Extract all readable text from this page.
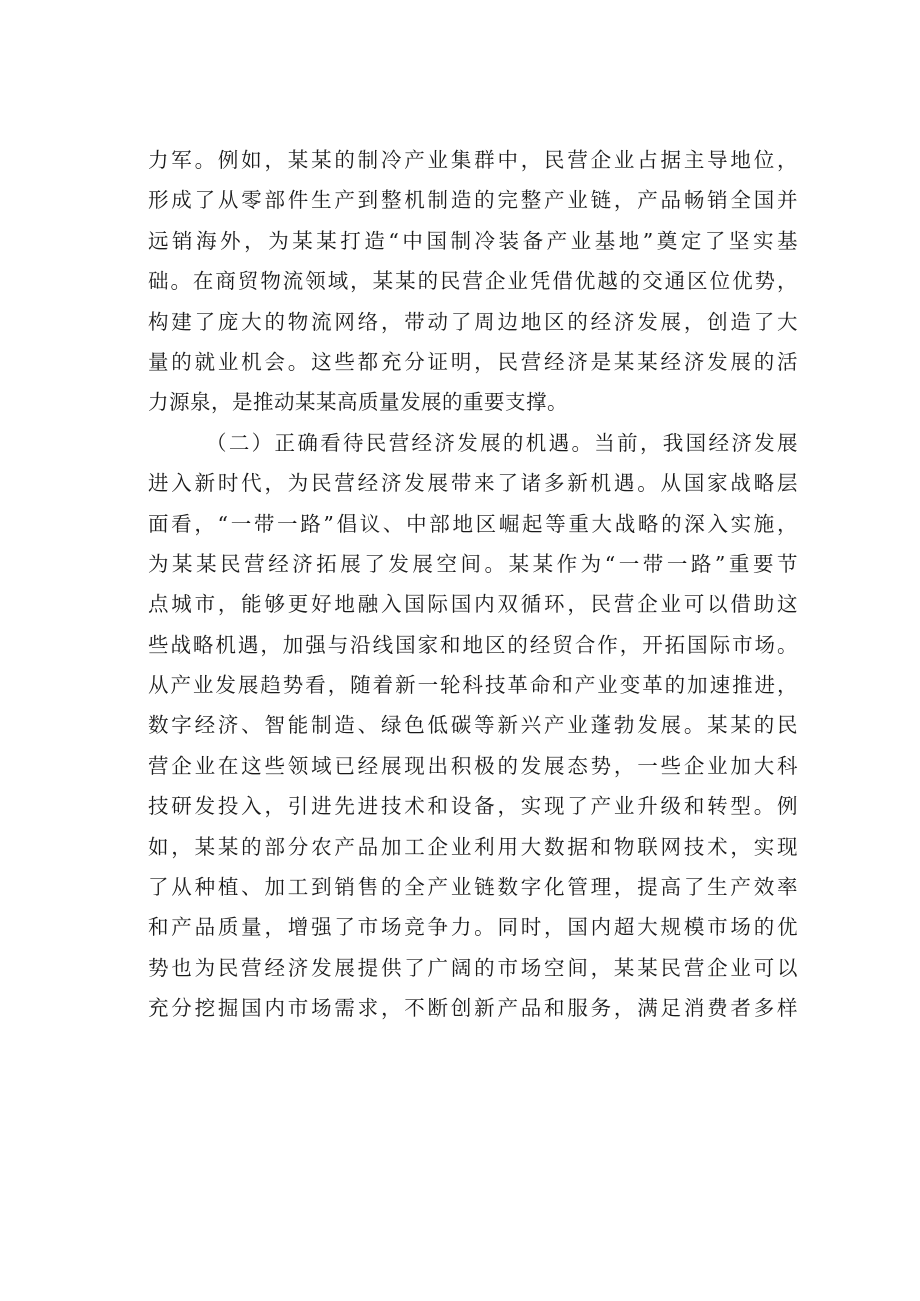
力军。例如，某某的制冷产业集群中，民营企业占据主导地位，
形成了从零部件生产到整机制造的完整产业链，产品畅销全国并
远销海外，为某某打造“中国制冷装备产业基地”奠定了坚实基
础。在商贸物流领域，某某的民营企业凭借优越的交通区位优势，
构建了庞大的物流网络，带动了周边地区的经济发展，创造了大
量的就业机会。这些都充分证明，民营经济是某某经济发展的活
力源泉，是推动某某高质量发展的重要支撑。
（二）正确看待民营经济发展的机遇。当前，我国经济发展
进入新时代，为民营经济发展带来了诸多新机遇。从国家战略层
面看，“一带一路”倡议、中部地区崛起等重大战略的深入实施，
为某某民营经济拓展了发展空间。某某作为“一带一路”重要节
点城市，能够更好地融入国际国内双循环，民营企业可以借助这
些战略机遇，加强与沿线国家和地区的经贸合作，开拓国际市场。
从产业发展趋势看，随着新一轮科技革命和产业变革的加速推进，
数字经济、智能制造、绿色低碳等新兴产业蓬勃发展。某某的民
营企业在这些领域已经展现出积极的发展态势，一些企业加大科
技研发投入，引进先进技术和设备，实现了产业升级和转型。例
如，某某的部分农产品加工企业利用大数据和物联网技术，实现
了从种植、加工到销售的全产业链数字化管理，提高了生产效率
和产品质量，增强了市场竞争力。同时，国内超大规模市场的优
势也为民营经济发展提供了广阔的市场空间，某某民营企业可以
充分挖掘国内市场需求，不断创新产品和服务，满足消费者多样
